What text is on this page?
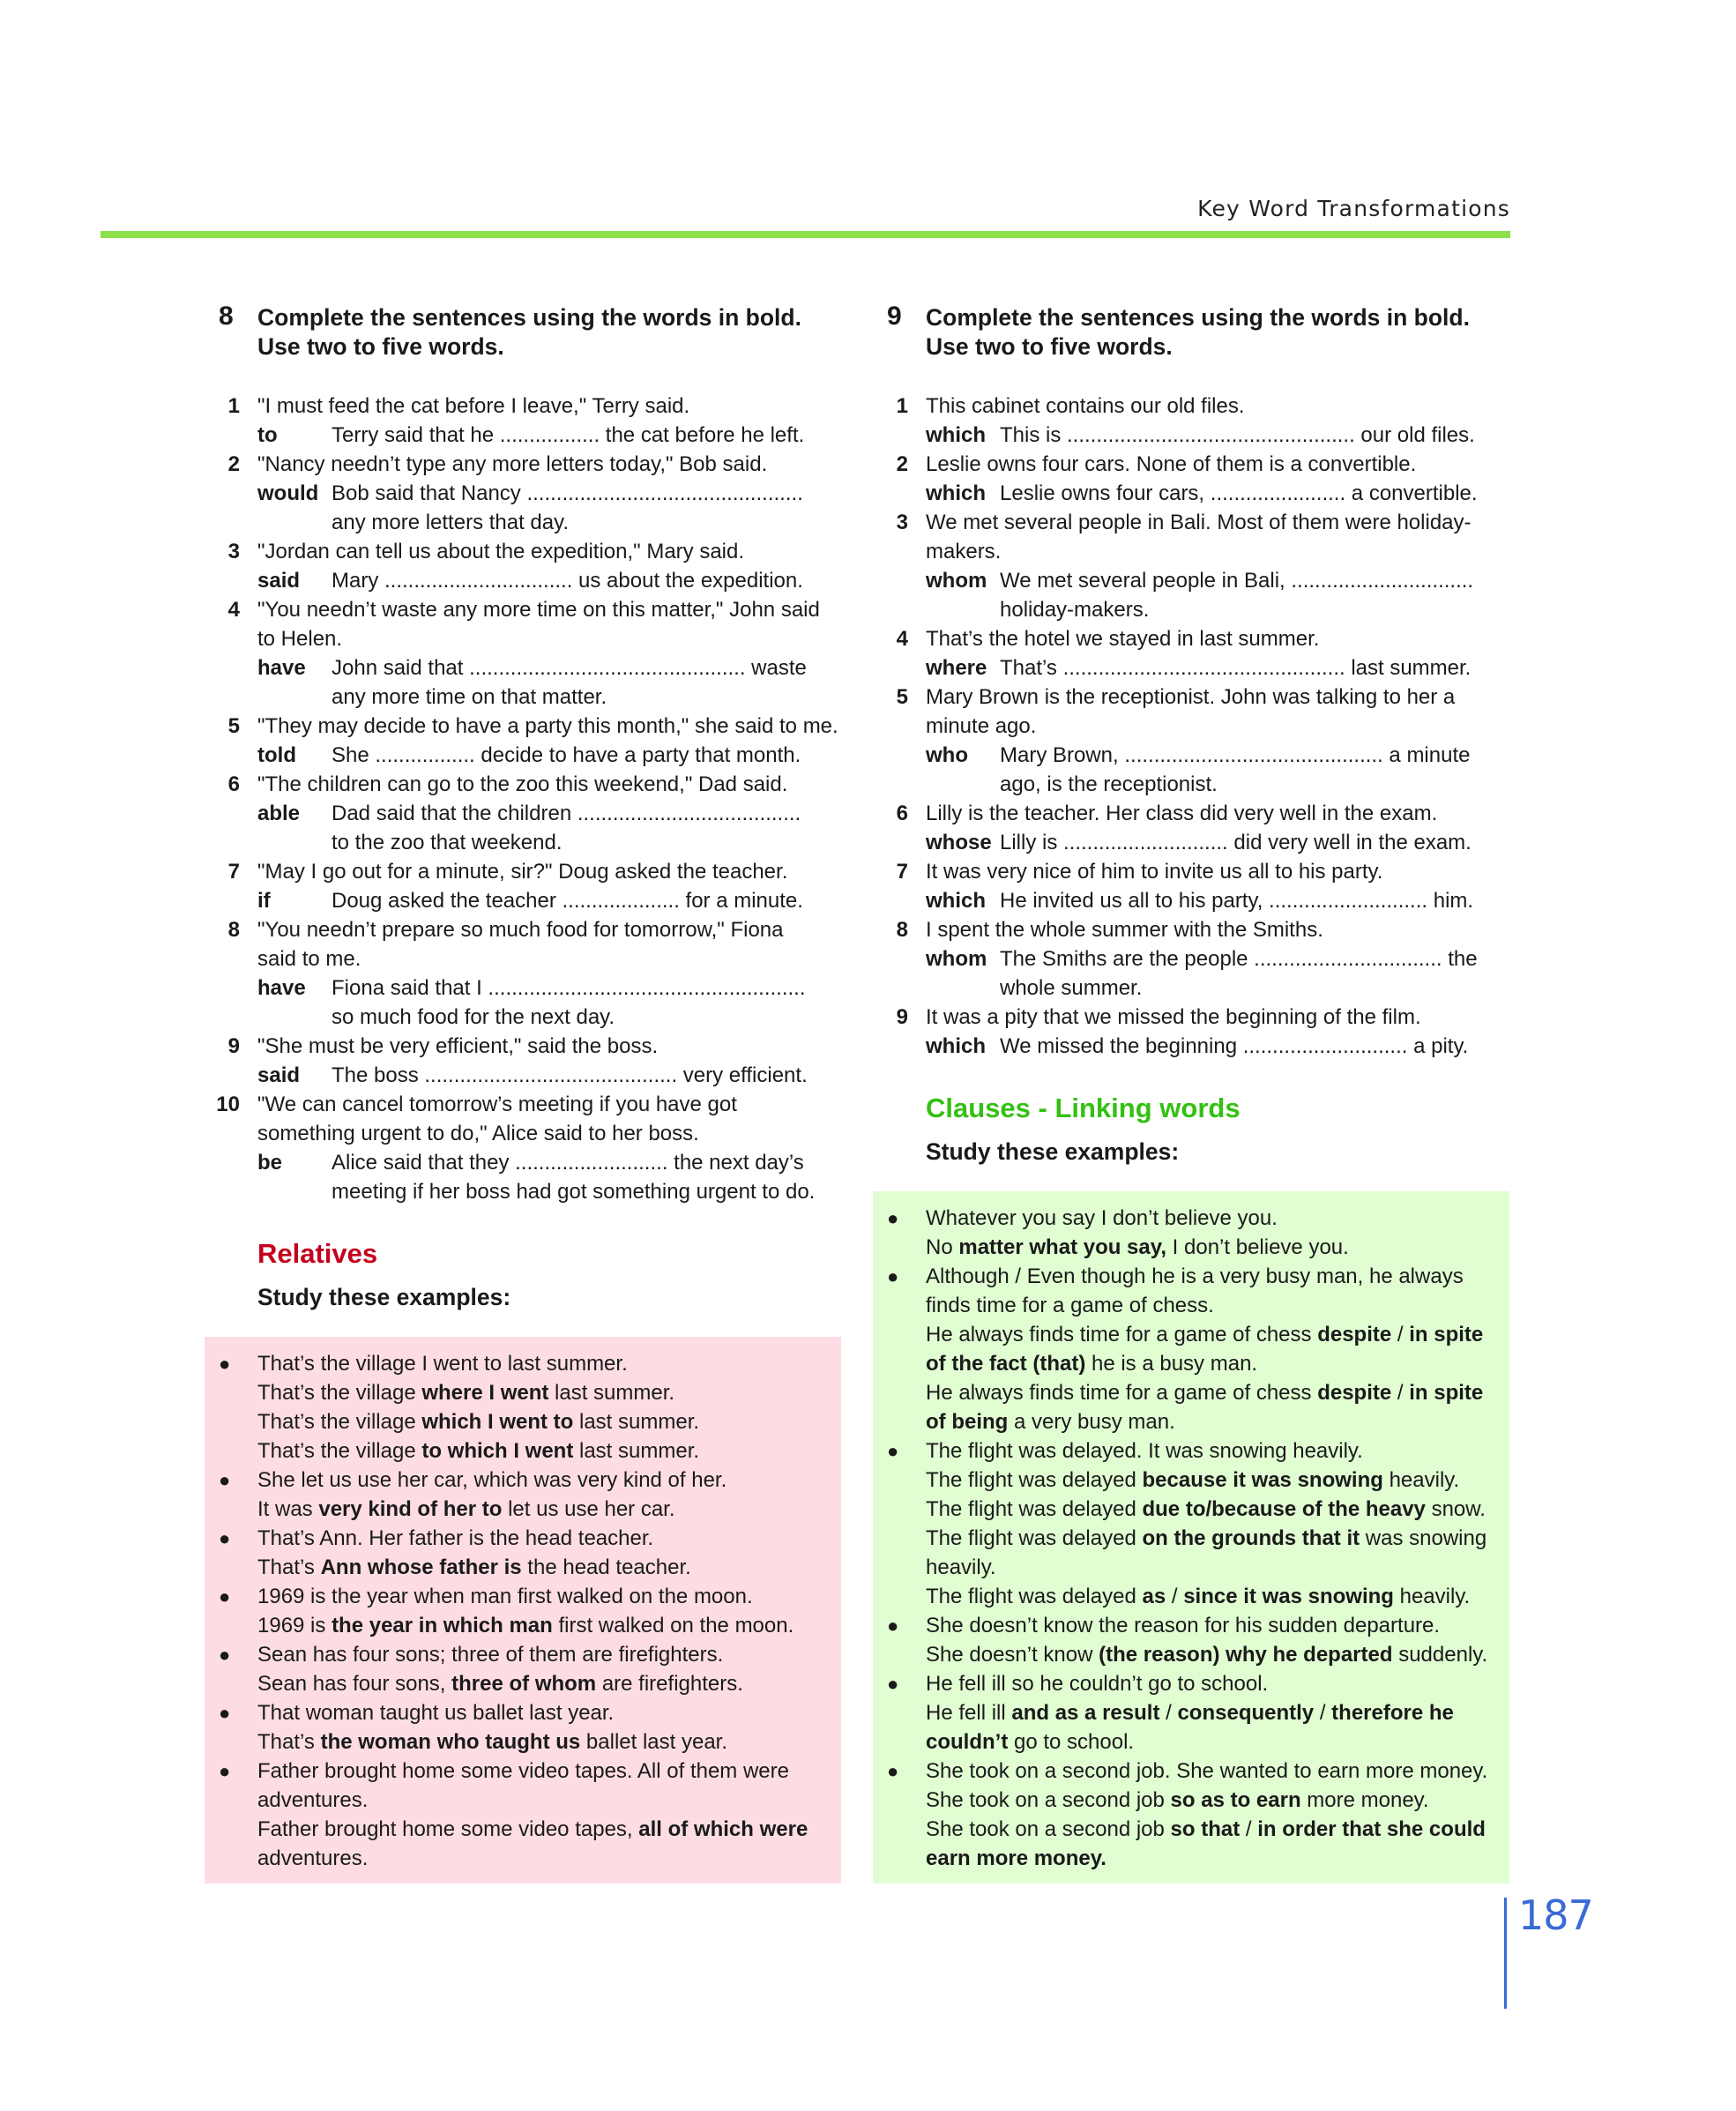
Key Word Transformations
8 Complete the sentences using the words in bold.
Use two to five words.
1 "I must feed the cat before I leave," Terry said.
to	Terry said that he ................. the cat before he left.
2 "Nancy needn’t type any more letters today," Bob said.
would Bob said that Nancy ...............................................
any more letters that day.
3 "Jordan can tell us about the expedition," Mary said.
said Mary ................................ us about the expedition.
4 "You needn’t waste any more time on this matter," John said
to Helen.
have John said that ............................................... waste
any more time on that matter.
5 "They may decide to have a party this month," she said to me.
told She ................. decide to have a party that month.
6 "The children can go to the zoo this weekend," Dad said.
able Dad said that the children ......................................
to the zoo that weekend.
7 "May I go out for a minute, sir?" Doug asked the teacher.
if	Doug asked the teacher .................... for a minute.
8 "You needn’t prepare so much food for tomorrow," Fiona
said to me.
have Fiona said that I ......................................................
so much food for the next day.
9 "She must be very efficient," said the boss.
said The boss ........................................... very efficient.
10 "We can cancel tomorrow’s meeting if you have got
something urgent to do," Alice said to her boss.
be Alice said that they .......................... the next day’s
meeting if her boss had got something urgent to do.
Relatives
Study these examples:
● That’s the village I went to last summer.
That’s the village where I went last summer.
That’s the village which I went to last summer.
That’s the village to which I went last summer.
● She let us use her car, which was very kind of her.
It was very kind of her to let us use her car.
● That’s Ann. Her father is the head teacher.
That’s Ann whose father is the head teacher.
● 1969 is the year when man first walked on the moon.
1969 is the year in which man first walked on the moon.
● Sean has four sons; three of them are firefighters.
Sean has four sons, three of whom are firefighters.
● That woman taught us ballet last year.
That’s the woman who taught us ballet last year.
● Father brought home some video tapes. All of them were
adventures.
Father brought home some video tapes, all of which were
adventures.
9 Complete the sentences using the words in bold.
Use two to five words.
1 This cabinet contains our old files.
which This is ................................................. our old files.
2 Leslie owns four cars. None of them is a convertible.
which Leslie owns four cars, ....................... a convertible.
3 We met several people in Bali. Most of them were holiday-
makers.
whom We met several people in Bali, ...............................
holiday-makers.
4 That’s the hotel we stayed in last summer.
where That’s ................................................ last summer.
5 Mary Brown is the receptionist. John was talking to her a
minute ago.
who Mary Brown, ............................................ a minute
ago, is the receptionist.
6 Lilly is the teacher. Her class did very well in the exam.
whose Lilly is ............................ did very well in the exam.
7 It was very nice of him to invite us all to his party.
which He invited us all to his party, ........................... him.
8 I spent the whole summer with the Smiths.
whom The Smiths are the people ................................ the
whole summer.
9 It was a pity that we missed the beginning of the film.
which We missed the beginning ............................ a pity.
Clauses - Linking words
Study these examples:
● Whatever you say I don’t believe you.
No matter what you say, I don’t believe you.
● Although / Even though he is a very busy man, he always
finds time for a game of chess.
He always finds time for a game of chess despite / in spite
of the fact (that) he is a busy man.
He always finds time for a game of chess despite / in spite
of being a very busy man.
● The flight was delayed. It was snowing heavily.
The flight was delayed because it was snowing heavily.
The flight was delayed due to/because of the heavy snow.
The flight was delayed on the grounds that it was snowing
heavily.
The flight was delayed as / since it was snowing heavily.
● She doesn’t know the reason for his sudden departure.
She doesn’t know (the reason) why he departed suddenly.
● He fell ill so he couldn’t go to school.
He fell ill and as a result / consequently / therefore he
couldn’t go to school.
● She took on a second job. She wanted to earn more money.
She took on a second job so as to earn more money.
She took on a second job so that / in order that she could
earn more money.
187
